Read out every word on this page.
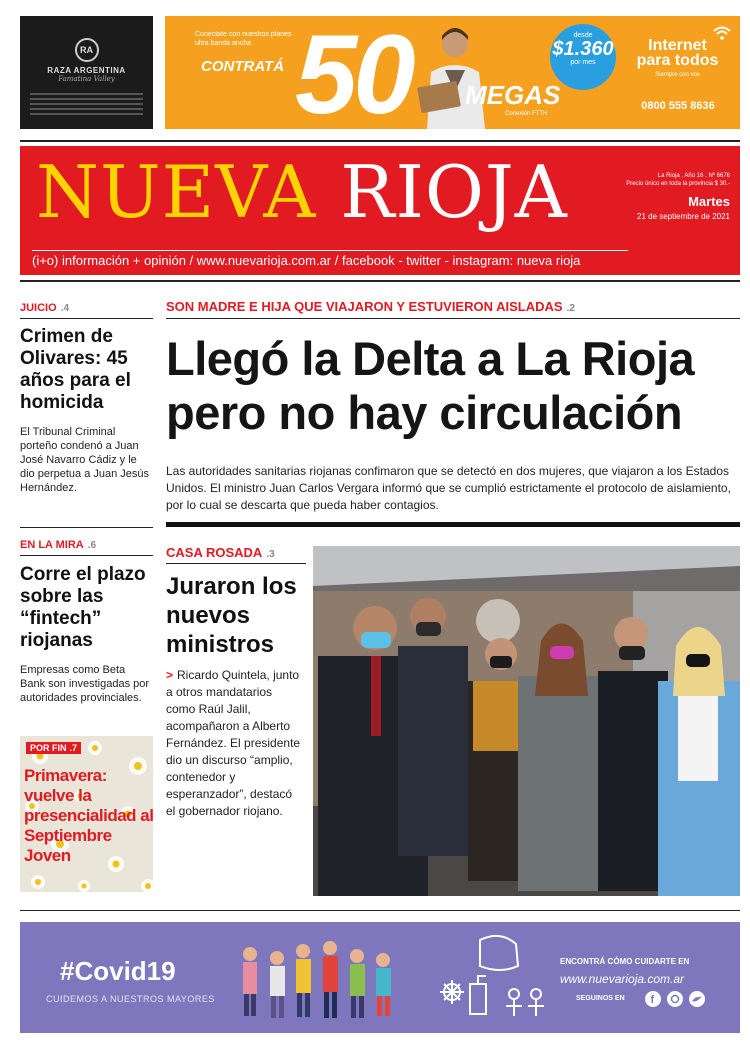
RA
RAZA ARGENTINA
Famatina Valley
Conectate con nuestros planes ultra banda ancha
CONTRATÁ 50 MEGAS
Conexión FTTH
desde
$1.360
por mes
Internet para todos
Siempre con vos
0800 555 8636
NUEVA RIOJA	La Rioja . Año 16 . Nº 6676
Precio único en toda la provincia $ 30.-
Martes
21 de septiembre de 2021
(i+o) información + opinión / www.nuevarioja.com.ar / facebook - twitter - instagram: nueva rioja
JUICIO .4
Crimen de Olivares: 45 años para el homicida
El Tribunal Criminal porteño condenó a Juan José Navarro Cádiz y le dio perpetua a Juan Jesús Hernández.
EN LA MIRA .6
Corre el plazo sobre las “fintech” riojanas
Empresas como Beta Bank son investigadas por autoridades provinciales.
POR FIN .7
Primavera: vuelve la presencialidad al Septiembre Joven
SON MADRE E HIJA QUE VIAJARON Y ESTUVIERON AISLADAS .2
Llegó la Delta a La Rioja pero no hay circulación
Las autoridades sanitarias riojanas confimaron que se detectó en dos mujeres, que viajaron a los Estados Unidos. El ministro Juan Carlos Vergara informó que se cumplió estrictamente el protocolo de aislamiento, por lo cual se descarta que pueda haber contagios.
CASA ROSADA .3
Juraron los nuevos ministros
> Ricardo Quintela, junto a otros mandatarios como Raúl Jalil, acompañaron a Alberto Fernández. El presidente dio un discurso “amplio, contenedor y esperanzador”, destacó el gobernador riojano.
#Covid19
CUIDEMOS A NUESTROS MAYORES
ENCONTRÁ CÓMO CUIDARTE EN
www.nuevarioja.com.ar
SEGUINOS EN f
